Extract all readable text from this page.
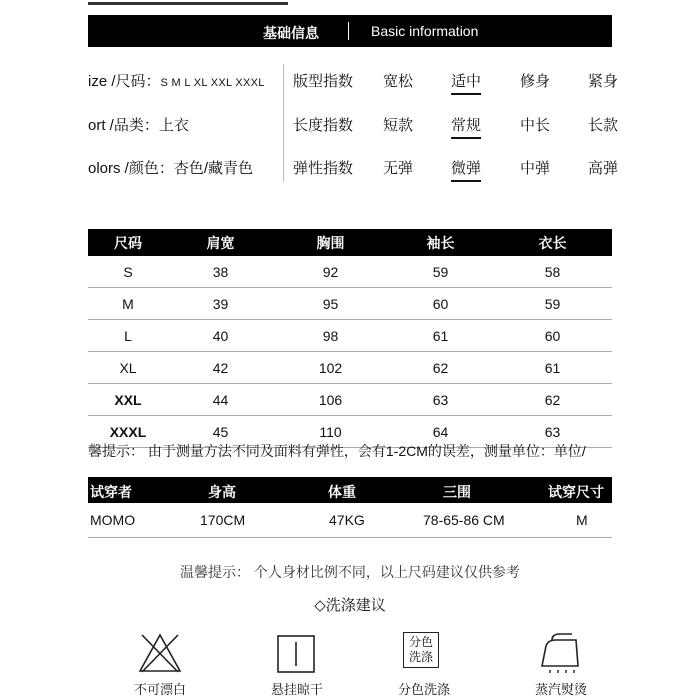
基础信息	Basic information
ize /尺码：S M L XL XXL XXXL
ort /品类：上衣
olors /颜色：杏色/藏青色
版型指数 宽松	适中	修身	紧身
长度指数 短款	常规	中长	长款
弹性指数 无弹	微弹	中弹	高弹
尺码	肩宽	胸围	袖长	衣长
S	38	92	59	58
M	39	95	60	59
L	40	98	61	60
XL	42	102	62	61
XXL	44	106	63	62
XXXL	45	110	64	63
馨提示： 由于测量方法不同及面料有弹性，会有1-2CM的误差，测量单位：单位/
试穿者	身高	体重	三围	试穿尺寸
MOMO	170CM	47KG	78-65-86 CM	M
温馨提示： 个人身材比例不同，以上尺码建议仅供参考
◇洗涤建议
分色
洗涤
不可漂白	悬挂晾干	分色洗涤	蒸汽熨烫
